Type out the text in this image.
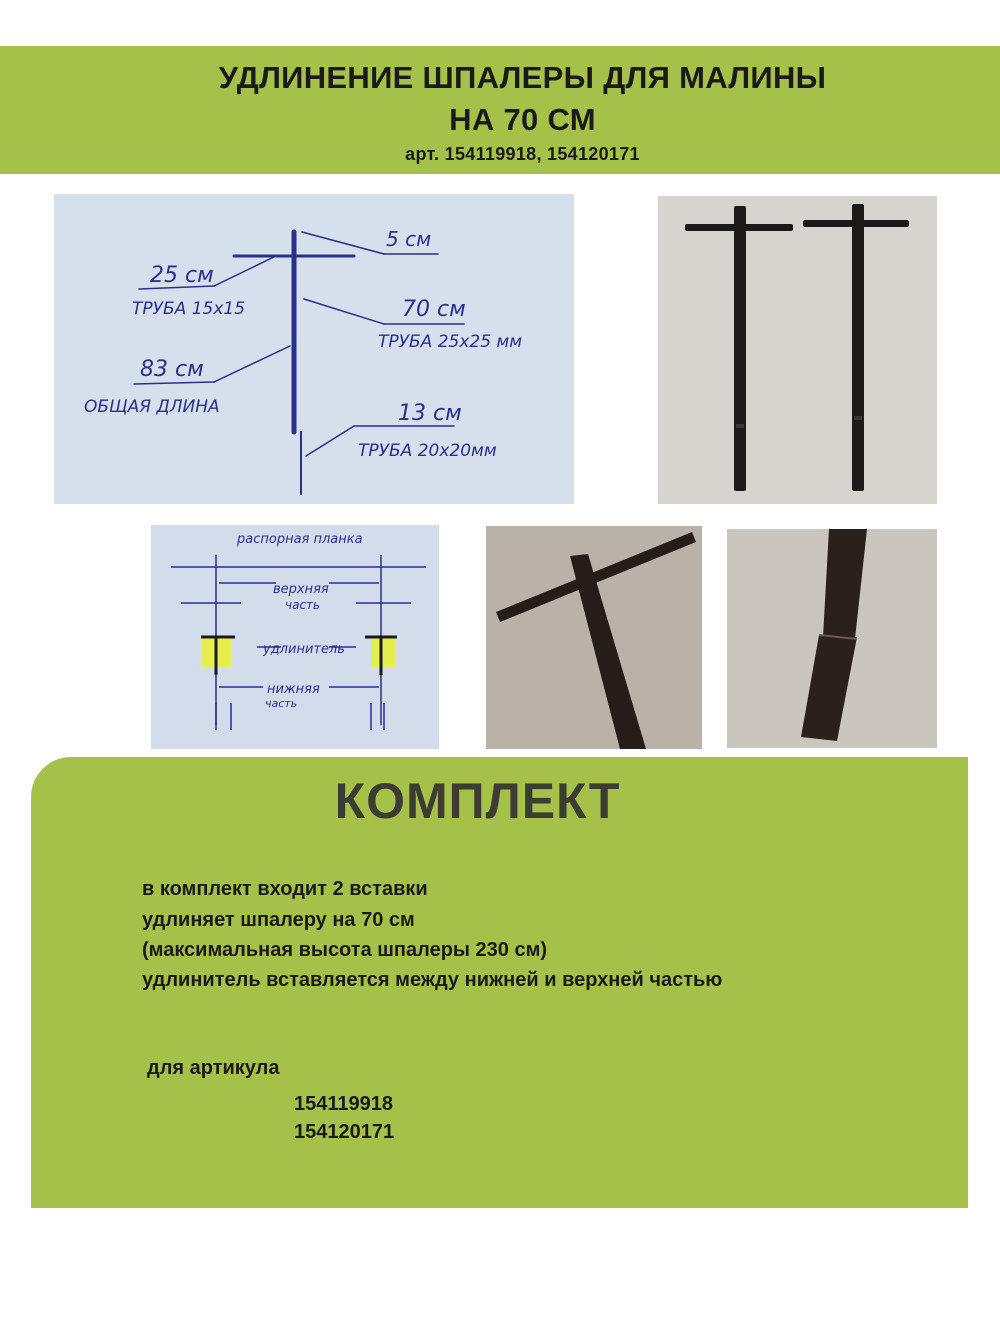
УДЛИНЕНИЕ ШПАЛЕРЫ ДЛЯ МАЛИНЫ
НА 70 СМ
арт. 154119918, 154120171
5 см
25 см
ТРУБА 15х15	70 см
ТРУБА 25х25 мм
83 см
ОБЩАЯ ДЛИНА	13 см
ТРУБА 20х20мм
распорная планка
верхняя
часть
удлинитель
нижняя
часть
КОМПЛЕКТ
в комплект входит 2 вставки
удлиняет шпалеру на 70 см
(максимальная высота шпалеры 230 см)
удлинитель вставляется между нижней и верхней частью
для артикула
154119918
154120171
